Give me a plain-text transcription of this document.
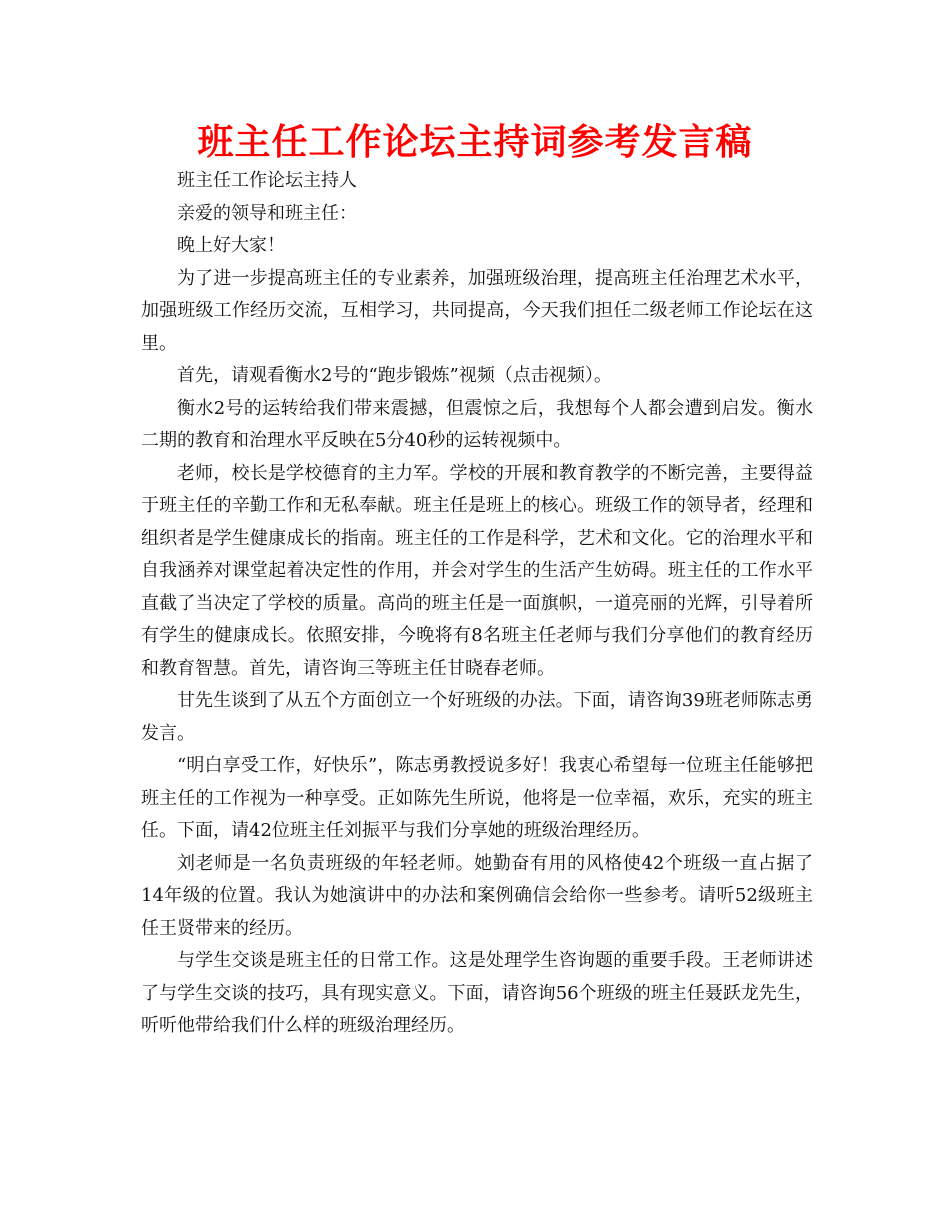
班主任工作论坛主持词参考发言稿

班主任工作论坛主持人

亲爱的领导和班主任：

晚上好大家！

为了进一步提高班主任的专业素养，加强班级治理，提高班主任治理艺术水平，加强班级工作经历交流，互相学习，共同提高，今天我们担任二级老师工作论坛在这里。

首先，请观看衡水2号的“跑步锻炼”视频（点击视频）。

衡水2号的运转给我们带来震撼，但震惊之后，我想每个人都会遭到启发。衡水二期的教育和治理水平反映在5分40秒的运转视频中。

老师，校长是学校德育的主力军。学校的开展和教育教学的不断完善，主要得益于班主任的辛勤工作和无私奉献。班主任是班上的核心。班级工作的领导者，经理和组织者是学生健康成长的指南。班主任的工作是科学，艺术和文化。它的治理水平和自我涵养对课堂起着决定性的作用，并会对学生的生活产生妨碍。班主任的工作水平直截了当决定了学校的质量。高尚的班主任是一面旗帜，一道亮丽的光辉，引导着所有学生的健康成长。依照安排，今晚将有8名班主任老师与我们分享他们的教育经历和教育智慧。首先，请咨询三等班主任甘晓春老师。

甘先生谈到了从五个方面创立一个好班级的办法。下面，请咨询39班老师陈志勇发言。

“明白享受工作，好快乐”，陈志勇教授说多好！我衷心希望每一位班主任能够把班主任的工作视为一种享受。正如陈先生所说，他将是一位幸福，欢乐，充实的班主任。下面，请42位班主任刘振平与我们分享她的班级治理经历。

刘老师是一名负责班级的年轻老师。她勤奋有用的风格使42个班级一直占据了14年级的位置。我认为她演讲中的办法和案例确信会给你一些参考。请听52级班主任王贤带来的经历。

与学生交谈是班主任的日常工作。这是处理学生咨询题的重要手段。王老师讲述了与学生交谈的技巧，具有现实意义。下面，请咨询56个班级的班主任聂跃龙先生，听听他带给我们什么样的班级治理经历。
